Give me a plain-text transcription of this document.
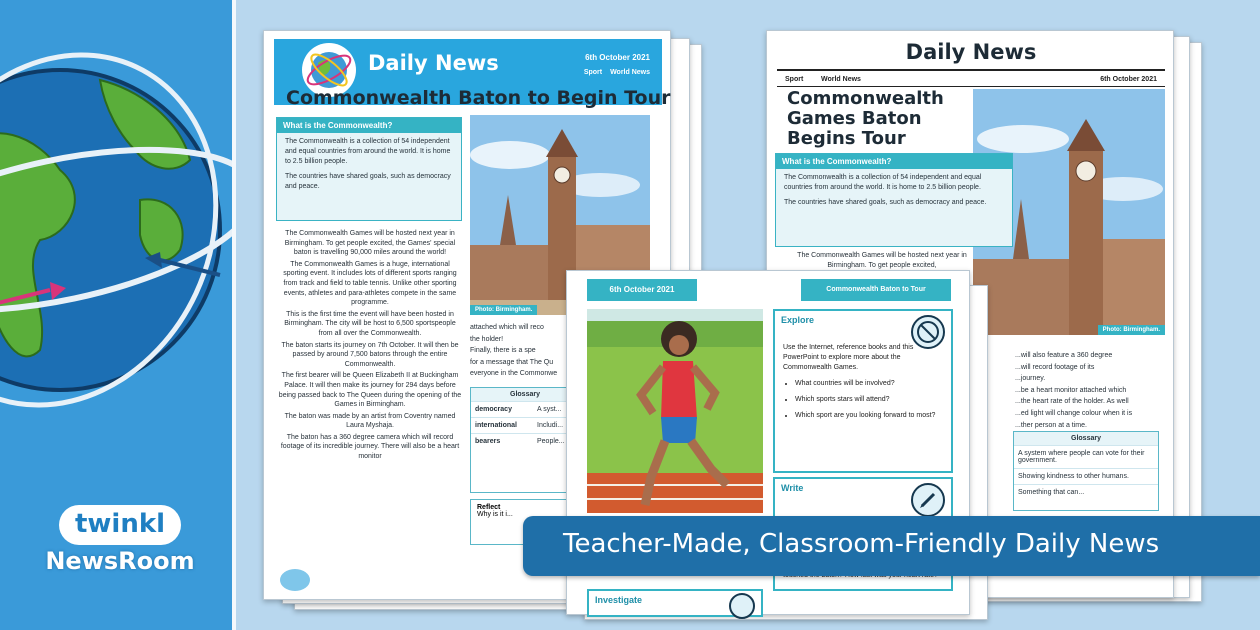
twinkl
NewsRoom
Daily News	6th October 2021
Sport World News
Commonwealth Baton to Begin Tour
What is the Commonwealth?

The Commonwealth is a collection of 54 independent and equal countries from around the world. It is home to 2.5 billion people.

The countries have shared goals, such as democracy and peace.

The Commonwealth Games will be hosted next year in Birmingham. To get people excited, the Games' special baton is travelling 90,000 miles around the world!

The Commonwealth Games is a huge, international sporting event. It includes lots of different sports ranging from track and field to table tennis. Unlike other sporting events, athletes and para-athletes compete in the same programme.

This is the first time the event will have been hosted in Birmingham. The city will be host to 6,500 sportspeople from all over the Commonwealth.

The baton starts its journey on 7th October. It will then be passed by around 7,500 batons through the entire Commonwealth.

The first bearer will be Queen Elizabeth II at Buckingham Palace. It will then make its journey for 294 days before being passed back to The Queen during the opening of the Games in Birmingham.

The baton was made by an artist from Coventry named Laura Myshaja.

The baton has a 360 degree camera which will record footage of its incredible journey. There will also be a heart monitor

Photo: Birmingham.

attached which will reco

the holder!

Finally, there is a spe

for a message that The Qu

everyone in the Commonwe

Glossary
democracy	A syst...
international	Includi...
bearers	People...
Reflect
Why is it i...
Daily News
Sport	World News	6th October 2021
Commonwealth Games Baton Begins Tour
Photo: Birmingham.
What is the Commonwealth?

The Commonwealth is a collection of 54 independent and equal countries from around the world. It is home to 2.5 billion people.

The countries have shared goals, such as democracy and peace.

The Commonwealth Games will be hosted next year in Birmingham. To get people excited,

...will also feature a 360 degree

...will record footage of its

...journey.

...be a heart monitor attached which

...the heart rate of the holder. As well

...ed light will change colour when it is

...ther person at a time.

Glossary
A system where people can vote for their government.
Showing kindness to other humans.
Something that can...
6th October 2021	Commonwealth Baton to Tour
Explore

Use the Internet, reference books and this PowerPoint to explore more about the Commonwealth Games.

• What countries will be involved?
• Which sports stars will attend?
• Which sport are you looking forward to most?
Write
Investigate
Teacher-Made, Classroom-Friendly Daily News
